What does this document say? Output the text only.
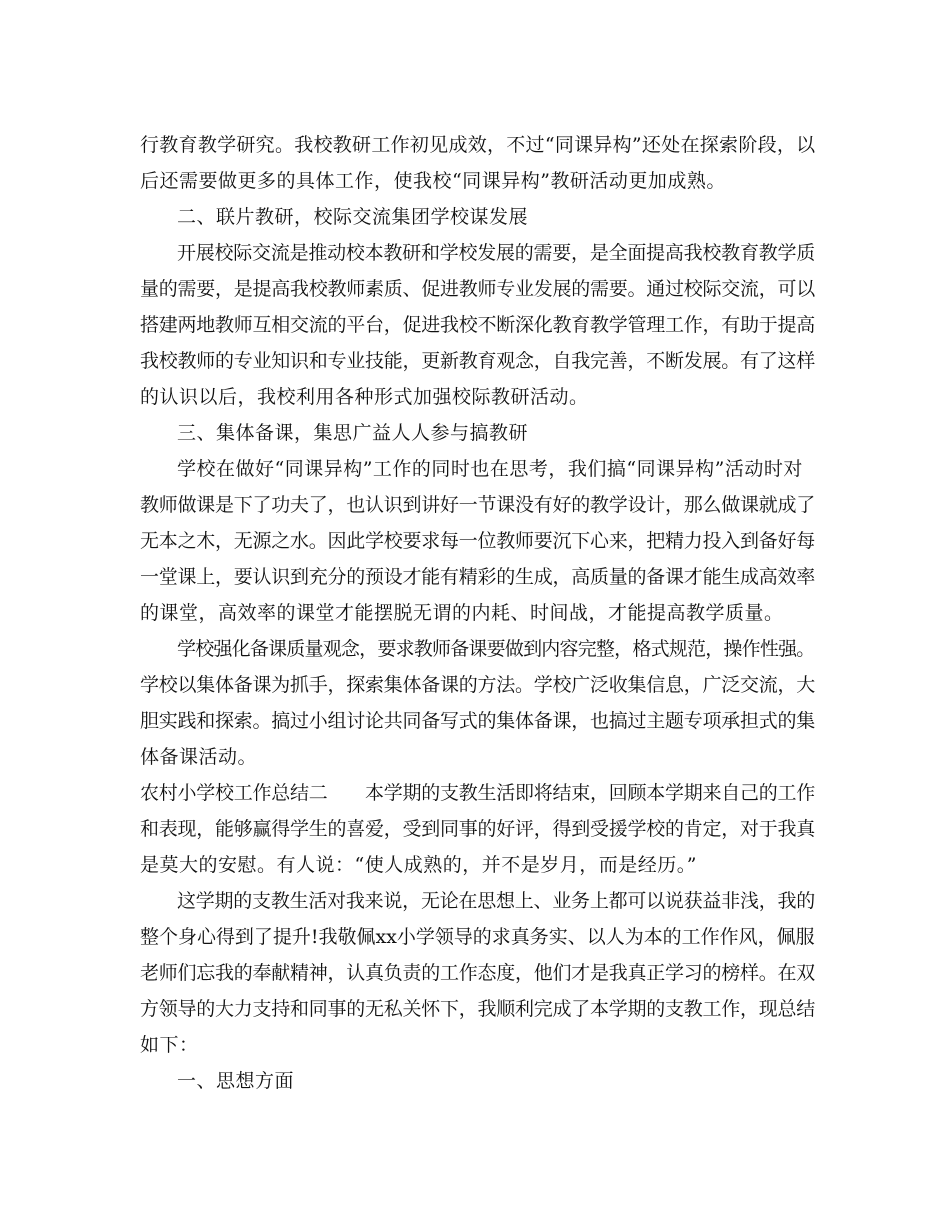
行教育教学研究。我校教研工作初见成效，不过“同课异构”还处在探索阶段，以
后还需要做更多的具体工作，使我校“同课异构”教研活动更加成熟。
二、联片教研，校际交流集团学校谋发展
开展校际交流是推动校本教研和学校发展的需要，是全面提高我校教育教学质
量的需要，是提高我校教师素质、促进教师专业发展的需要。通过校际交流，可以
搭建两地教师互相交流的平台，促进我校不断深化教育教学管理工作，有助于提高
我校教师的专业知识和专业技能，更新教育观念，自我完善，不断发展。有了这样
的认识以后，我校利用各种形式加强校际教研活动。
三、集体备课，集思广益人人参与搞教研
学校在做好“同课异构”工作的同时也在思考，我们搞“同课异构”活动时对
教师做课是下了功夫了，也认识到讲好一节课没有好的教学设计，那么做课就成了
无本之木，无源之水。因此学校要求每一位教师要沉下心来，把精力投入到备好每
一堂课上，要认识到充分的预设才能有精彩的生成，高质量的备课才能生成高效率
的课堂，高效率的课堂才能摆脱无谓的内耗、时间战，才能提高教学质量。
学校强化备课质量观念，要求教师备课要做到内容完整，格式规范，操作性强。
学校以集体备课为抓手，探索集体备课的方法。学校广泛收集信息，广泛交流，大
胆实践和探索。搞过小组讨论共同备写式的集体备课，也搞过主题专项承担式的集
体备课活动。
农村小学校工作总结二　　本学期的支教生活即将结束，回顾本学期来自己的工作
和表现，能够赢得学生的喜爱，受到同事的好评，得到受援学校的肯定，对于我真
是莫大的安慰。有人说：“使人成熟的，并不是岁月，而是经历。”
这学期的支教生活对我来说，无论在思想上、业务上都可以说获益非浅，我的
整个身心得到了提升!我敬佩xx小学领导的求真务实、以人为本的工作作风，佩服
老师们忘我的奉献精神，认真负责的工作态度，他们才是我真正学习的榜样。在双
方领导的大力支持和同事的无私关怀下，我顺利完成了本学期的支教工作，现总结
如下：
一、思想方面
